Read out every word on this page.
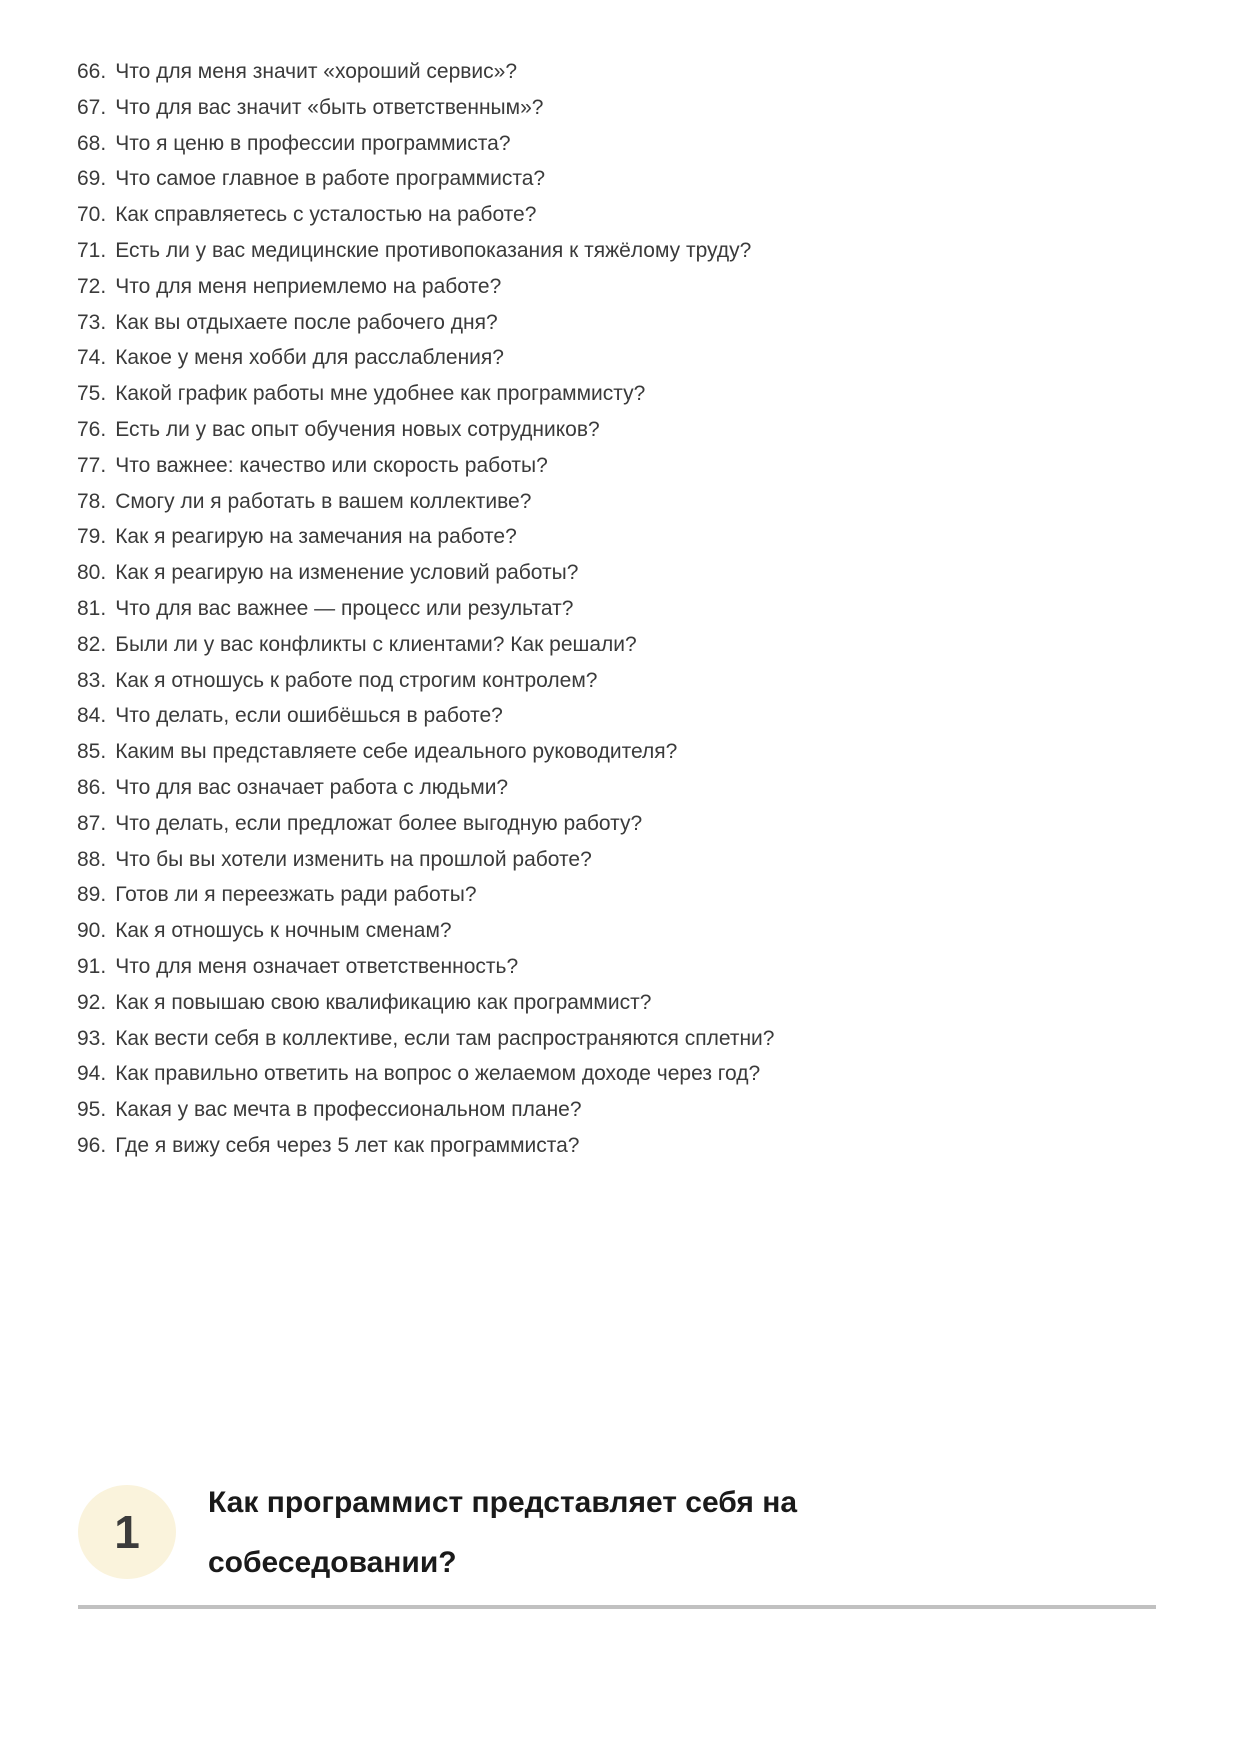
66. Что для меня значит «хороший сервис»?
67. Что для вас значит «быть ответственным»?
68. Что я ценю в профессии программиста?
69. Что самое главное в работе программиста?
70. Как справляетесь с усталостью на работе?
71. Есть ли у вас медицинские противопоказания к тяжёлому труду?
72. Что для меня неприемлемо на работе?
73. Как вы отдыхаете после рабочего дня?
74. Какое у меня хобби для расслабления?
75. Какой график работы мне удобнее как программисту?
76. Есть ли у вас опыт обучения новых сотрудников?
77. Что важнее: качество или скорость работы?
78. Смогу ли я работать в вашем коллективе?
79. Как я реагирую на замечания на работе?
80. Как я реагирую на изменение условий работы?
81. Что для вас важнее — процесс или результат?
82. Были ли у вас конфликты с клиентами? Как решали?
83. Как я отношусь к работе под строгим контролем?
84. Что делать, если ошибёшься в работе?
85. Каким вы представляете себе идеального руководителя?
86. Что для вас означает работа с людьми?
87. Что делать, если предложат более выгодную работу?
88. Что бы вы хотели изменить на прошлой работе?
89. Готов ли я переезжать ради работы?
90. Как я отношусь к ночным сменам?
91. Что для меня означает ответственность?
92. Как я повышаю свою квалификацию как программист?
93. Как вести себя в коллективе, если там распространяются сплетни?
94. Как правильно ответить на вопрос о желаемом доходе через год?
95. Какая у вас мечта в профессиональном плане?
96. Где я вижу себя через 5 лет как программиста?
1
Как программист представляет себя на собеседовании?
